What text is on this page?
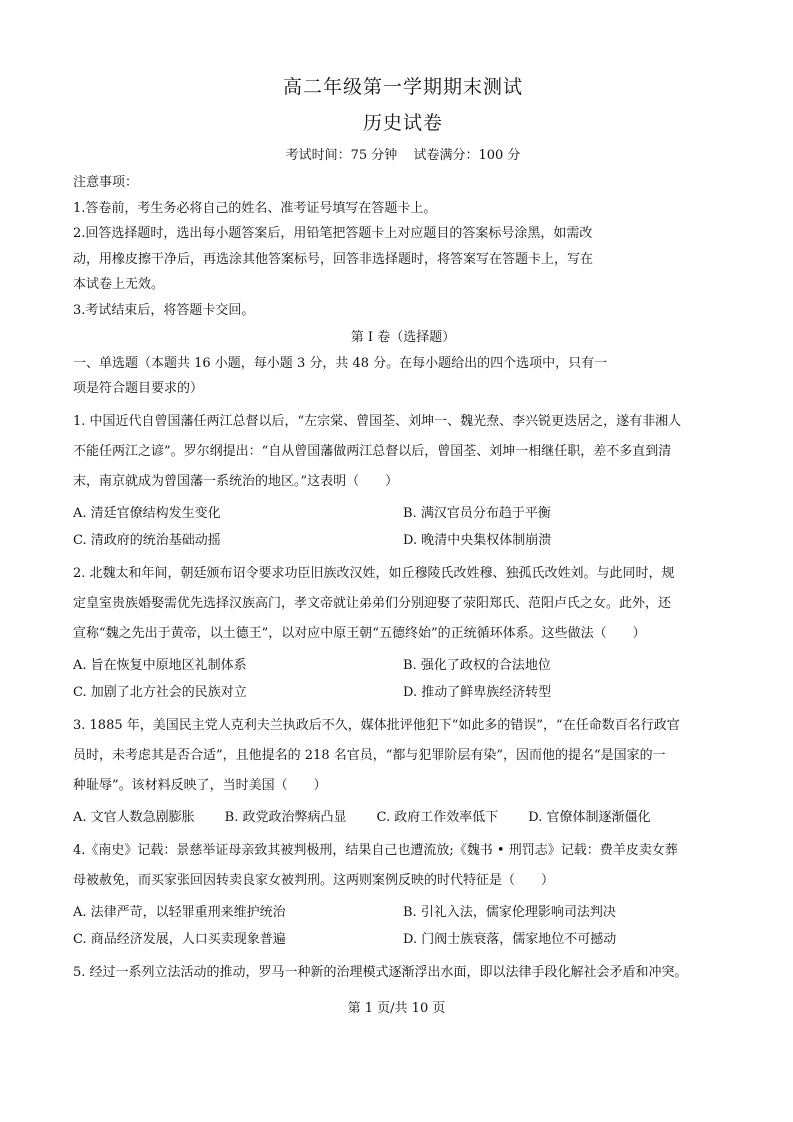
高二年级第一学期期末测试
历史试卷
考试时间：75 分钟 试卷满分：100 分
注意事项：
1.答卷前，考生务必将自己的姓名、准考证号填写在答题卡上。
2.回答选择题时，选出每小题答案后，用铅笔把答题卡上对应题目的答案标号涂黑，如需改
动，用橡皮擦干净后，再选涂其他答案标号，回答非选择题时，将答案写在答题卡上，写在
本试卷上无效。
3.考试结束后，将答题卡交回。
第 I 卷（选择题）
一、单选题（本题共 16 小题，每小题 3 分，共 48 分。在每小题给出的四个选项中，只有一
项是符合题目要求的）
1. 中国近代自曾国藩任两江总督以后，“左宗棠、曾国荃、刘坤一、魏光焘、李兴锐更迭居之，遂有非湘人
不能任两江之谚”。罗尔纲提出：“自从曾国藩做两江总督以后，曾国荃、刘坤一相继任职，差不多直到清
末，南京就成为曾国藩一系统治的地区。”这表明（　　）
A. 清廷官僚结构发生变化	B. 满汉官员分布趋于平衡
C. 清政府的统治基础动摇	D. 晚清中央集权体制崩溃
2. 北魏太和年间，朝廷颁布诏令要求功臣旧族改汉姓，如丘穆陵氏改姓穆、独孤氏改姓刘。与此同时，规
定皇室贵族婚娶需优先选择汉族高门，孝文帝就让弟弟们分别迎娶了荥阳郑氏、范阳卢氏之女。此外，还
宣称“魏之先出于黄帝，以土德王”，以对应中原王朝“五德终始”的正统循环体系。这些做法（　　）
A. 旨在恢复中原地区礼制体系	B. 强化了政权的合法地位
C. 加剧了北方社会的民族对立	D. 推动了鲜卑族经济转型
3. 1885 年，美国民主党人克利夫兰执政后不久，媒体批评他犯下“如此多的错误”，“在任命数百名行政官
员时，未考虑其是否合适”，且他提名的 218 名官员，“都与犯罪阶层有染”，因而他的提名“是国家的一
种耻辱”。该材料反映了，当时美国（　　）
A. 文官人数急剧膨胀 B. 政党政治弊病凸显 C. 政府工作效率低下 D. 官僚体制逐渐僵化
4.《南史》记载：景慈举证母亲致其被判极刑，结果自己也遭流放;《魏书 • 刑罚志》记载：费羊皮卖女葬
母被赦免，而买家张回因转卖良家女被判刑。这两则案例反映的时代特征是（　　）
A. 法律严苛，以轻罪重刑来维护统治	B. 引礼入法，儒家伦理影响司法判决
C. 商品经济发展，人口买卖现象普遍	D. 门阀士族衰落，儒家地位不可撼动
5. 经过一系列立法活动的推动，罗马一种新的治理模式逐渐浮出水面，即以法律手段化解社会矛盾和冲突。
第 1 页/共 10 页
